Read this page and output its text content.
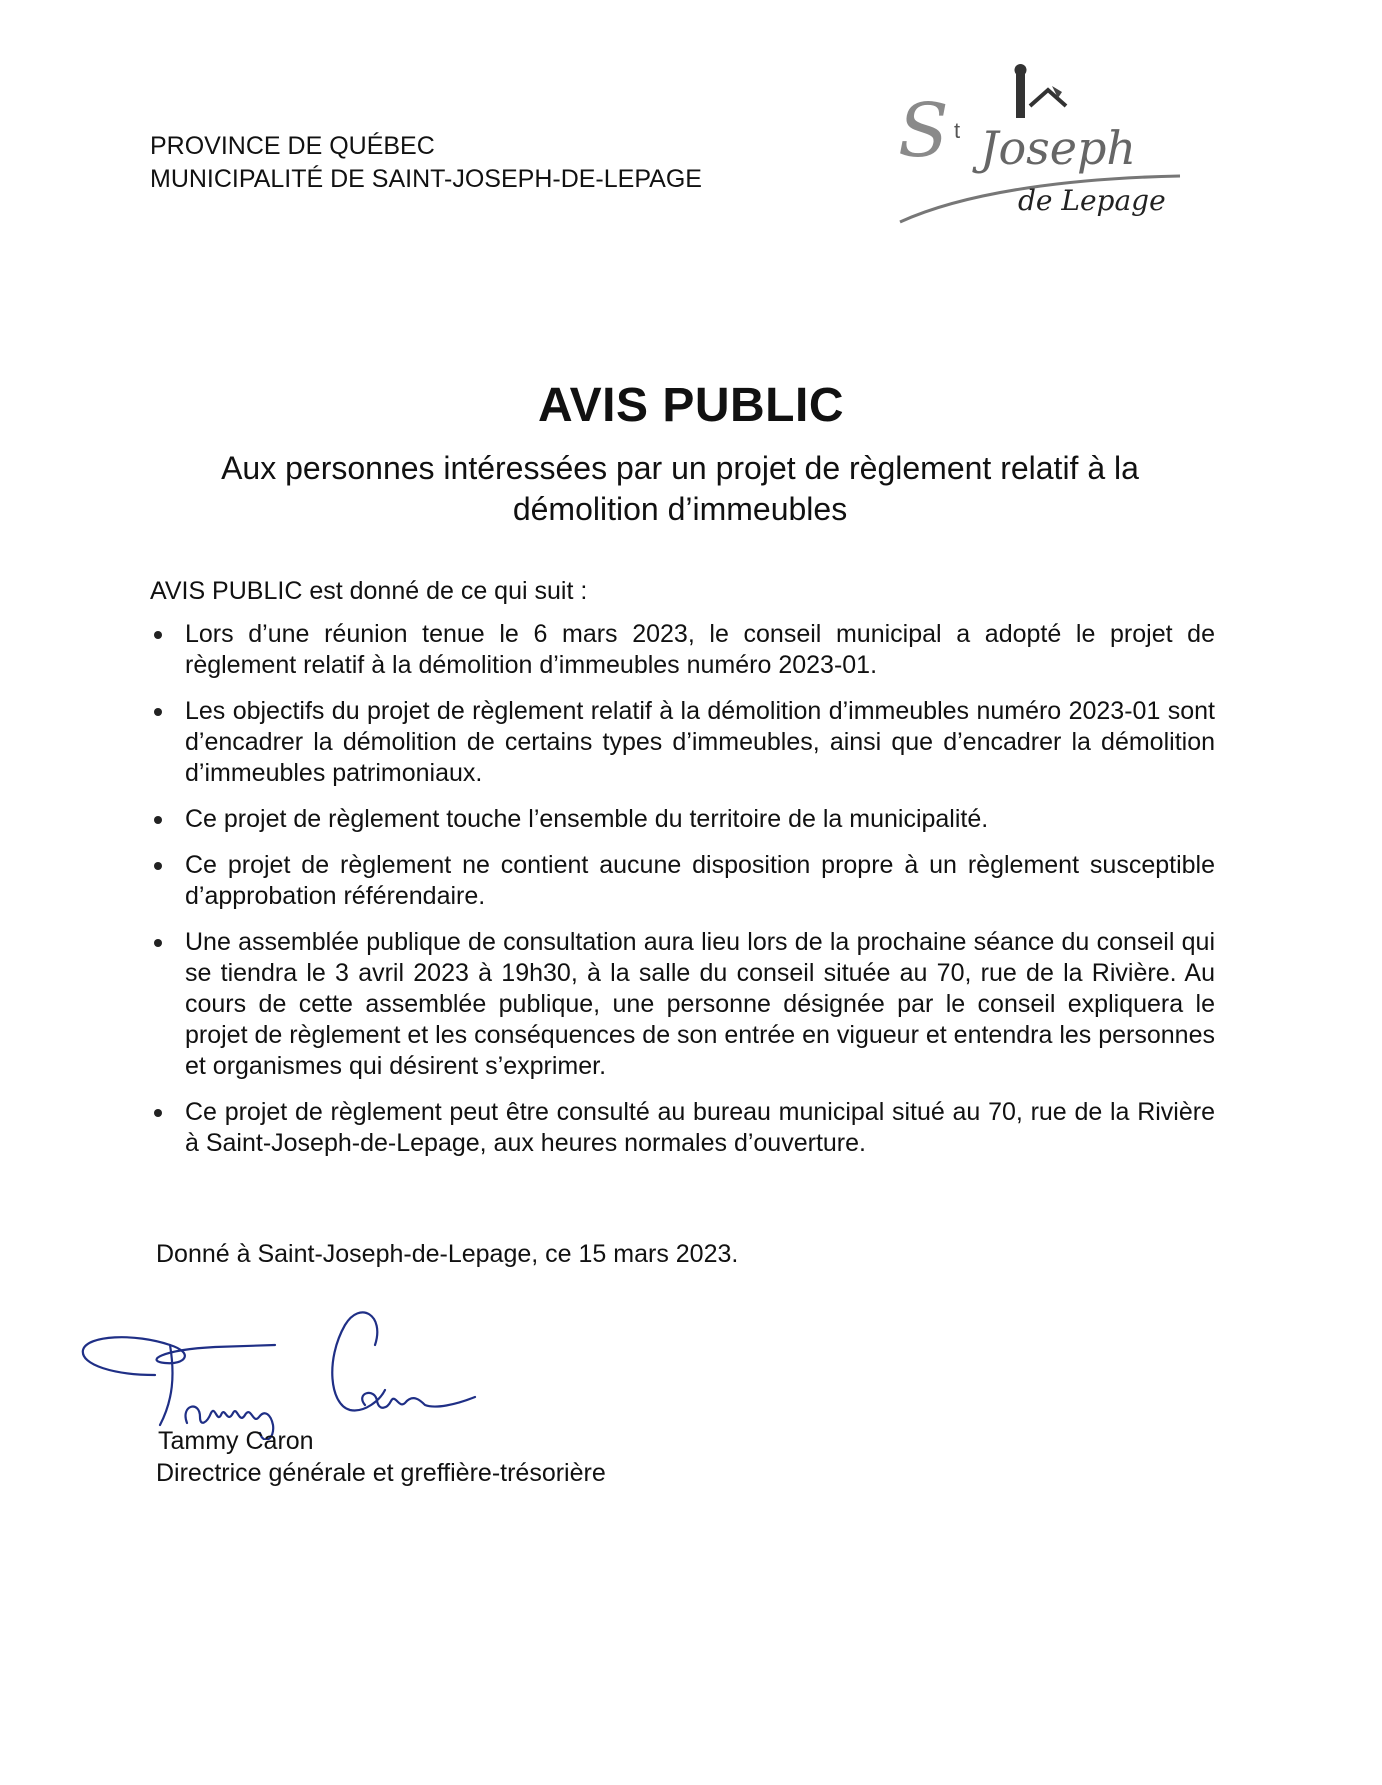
PROVINCE DE QUÉBEC
MUNICIPALITÉ DE SAINT-JOSEPH-DE-LEPAGE
S t Joseph
de Lepage
AVIS PUBLIC
Aux personnes intéressées par un projet de règlement relatif à la démolition d’immeubles
AVIS PUBLIC est donné de ce qui suit :
Lors d’une réunion tenue le 6 mars 2023, le conseil municipal a adopté le projet de règlement relatif à la démolition d’immeubles numéro 2023-01.
Les objectifs du projet de règlement relatif à la démolition d’immeubles numéro 2023-01 sont d’encadrer la démolition de certains types d’immeubles, ainsi que d’encadrer la démolition d’immeubles patrimoniaux.
Ce projet de règlement touche l’ensemble du territoire de la municipalité.
Ce projet de règlement ne contient aucune disposition propre à un règlement susceptible d’approbation référendaire.
Une assemblée publique de consultation aura lieu lors de la prochaine séance du conseil qui se tiendra le 3 avril 2023 à 19h30, à la salle du conseil située au 70, rue de la Rivière. Au cours de cette assemblée publique, une personne désignée par le conseil expliquera le projet de règlement et les conséquences de son entrée en vigueur et entendra les personnes et organismes qui désirent s’exprimer.
Ce projet de règlement peut être consulté au bureau municipal situé au 70, rue de la Rivière à Saint-Joseph-de-Lepage, aux heures normales d’ouverture.
Donné à Saint-Joseph-de-Lepage, ce 15 mars 2023.
Tammy Caron
Directrice générale et greffière-trésorière
